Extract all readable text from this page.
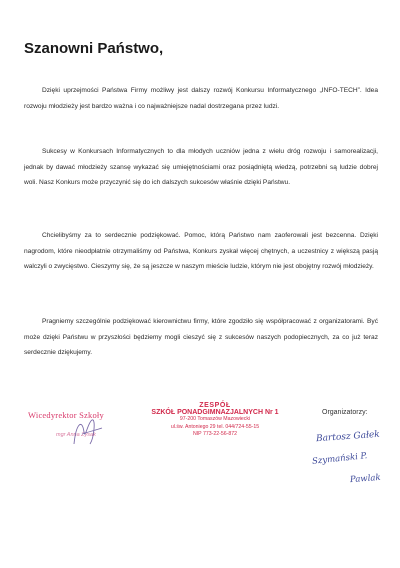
Szanowni Państwo,
Dzięki uprzejmości Państwa Firmy możliwy jest dalszy rozwój Konkursu Informatycznego „INFO-TECH”. Idea rozwoju młodzieży jest bardzo ważna i co najważniejsze nadal dostrzegana przez ludzi.
Sukcesy w Konkursach Informatycznych to dla młodych uczniów jedna z wielu dróg rozwoju i samorealizacji, jednak by dawać młodzieży szansę wykazać się umiejętnościami oraz posiądniętą wiedzą, potrzebni są ludzie dobrej woli. Nasz Konkurs może przyczynić się do ich dalszych sukcesów właśnie dzięki Państwu.
Chcielibyśmy za to serdecznie podziękować. Pomoc, którą Państwo nam zaoferowali jest bezcenna. Dzięki nagrodom, które nieodpłatnie otrzymaliśmy od Państwa, Konkurs zyskał więcej chętnych, a uczestnicy z większą pasją walczyli o zwycięstwo. Cieszymy się, że są jeszcze w naszym mieście ludzie, którym nie jest obojętny rozwój młodzieży.
Pragniemy szczególnie podziękować kierownictwu firmy, które zgodziło się współpracować z organizatorami. Być może dzięki Państwu w przyszłości będziemy mogli cieszyć się z sukcesów naszych podopiecznych, za co już teraz serdecznie dziękujemy.
Wicedyrektor Szkoły
mgr Anna Zysak
ZESPÓŁ
SZKÓŁ PONADGIMNAZJALNYCH Nr 1
97-200 Tomaszów Mazowiecki
ul.św. Antoniego 29 tel. 044/724-55-15
NIP 773-22-56-872
Organizatorzy:
Bartosz Gałek
Szymański P.
Pawlak
